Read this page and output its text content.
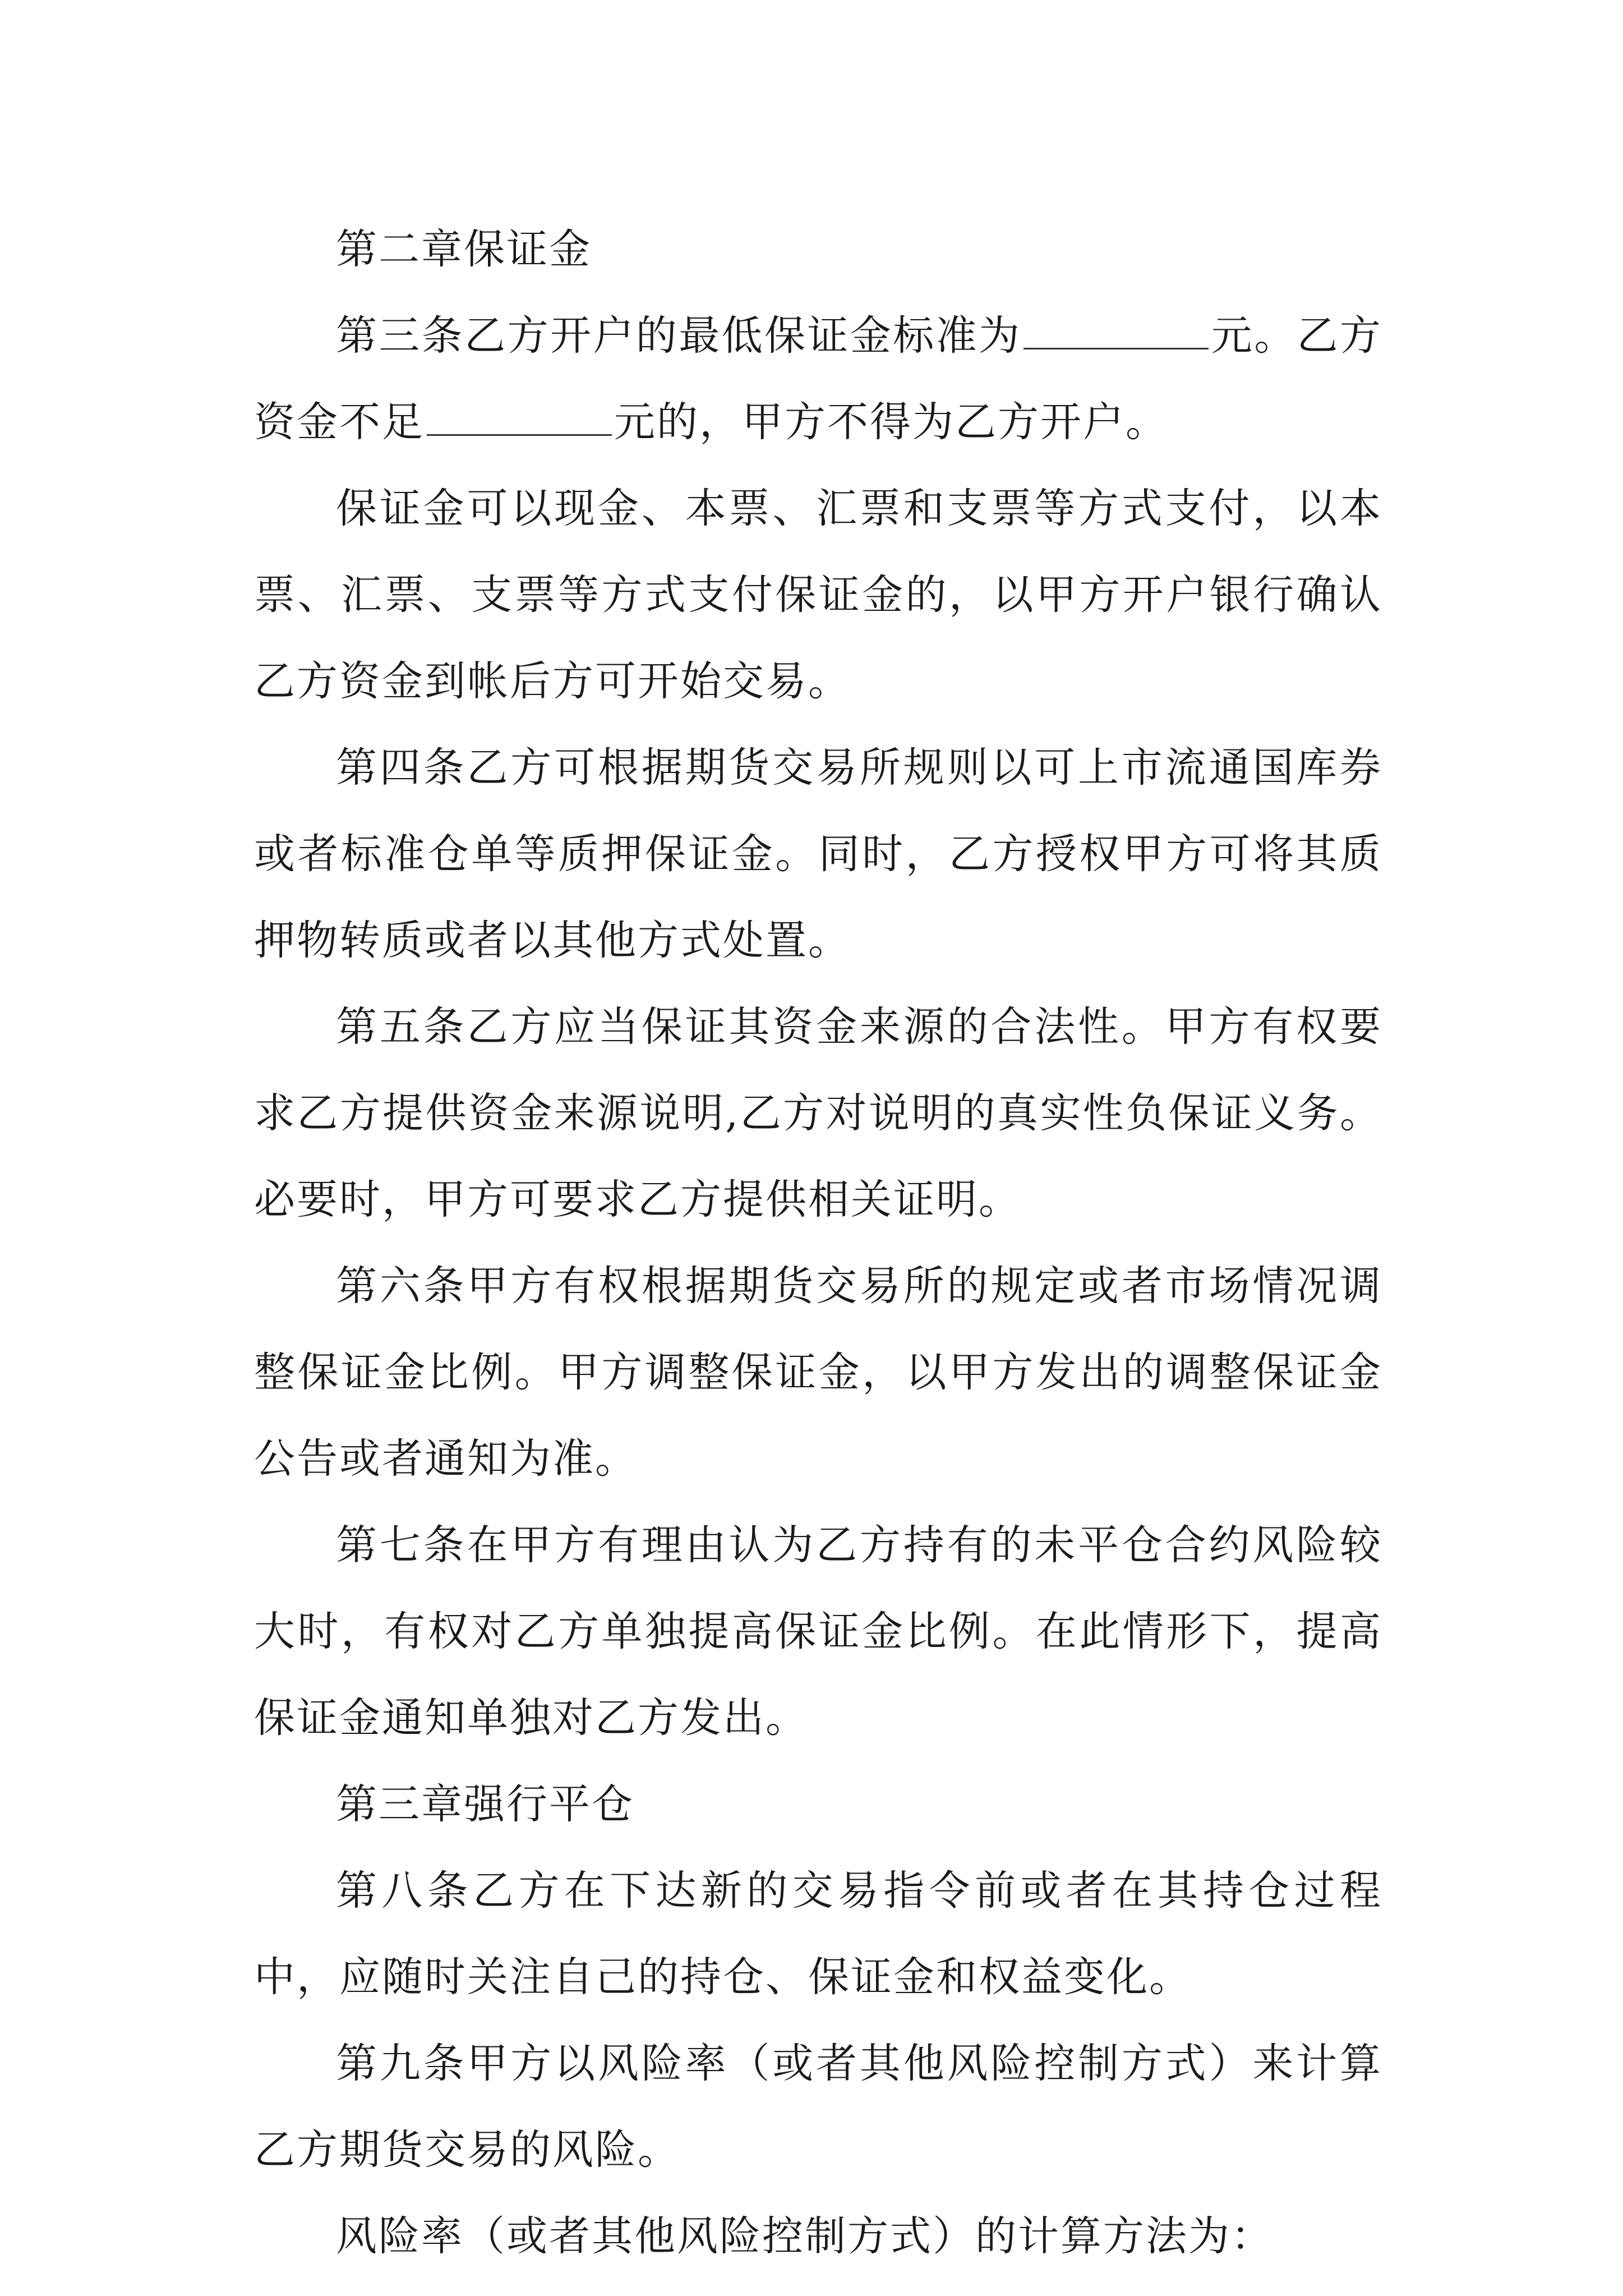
第二章保证金

第三条乙方开户的最低保证金标准为	元。乙方资金不足	元的，甲方不得为乙方开户。

保证金可以现金、本票、汇票和支票等方式支付，以本票、汇票、支票等方式支付保证金的，以甲方开户银行确认乙方资金到帐后方可开始交易。

第四条乙方可根据期货交易所规则以可上市流通国库券或者标准仓单等质押保证金。同时，乙方授权甲方可将其质押物转质或者以其他方式处置。

第五条乙方应当保证其资金来源的合法性。甲方有权要求乙方提供资金来源说明,乙方对说明的真实性负保证义务。必要时，甲方可要求乙方提供相关证明。

第六条甲方有权根据期货交易所的规定或者市场情况调整保证金比例。甲方调整保证金，以甲方发出的调整保证金公告或者通知为准。

第七条在甲方有理由认为乙方持有的未平仓合约风险较大时，有权对乙方单独提高保证金比例。在此情形下，提高保证金通知单独对乙方发出。

第三章强行平仓

第八条乙方在下达新的交易指令前或者在其持仓过程中，应随时关注自己的持仓、保证金和权益变化。

第九条甲方以风险率（或者其他风险控制方式）来计算乙方期货交易的风险。

风险率（或者其他风险控制方式）的计算方法为：
